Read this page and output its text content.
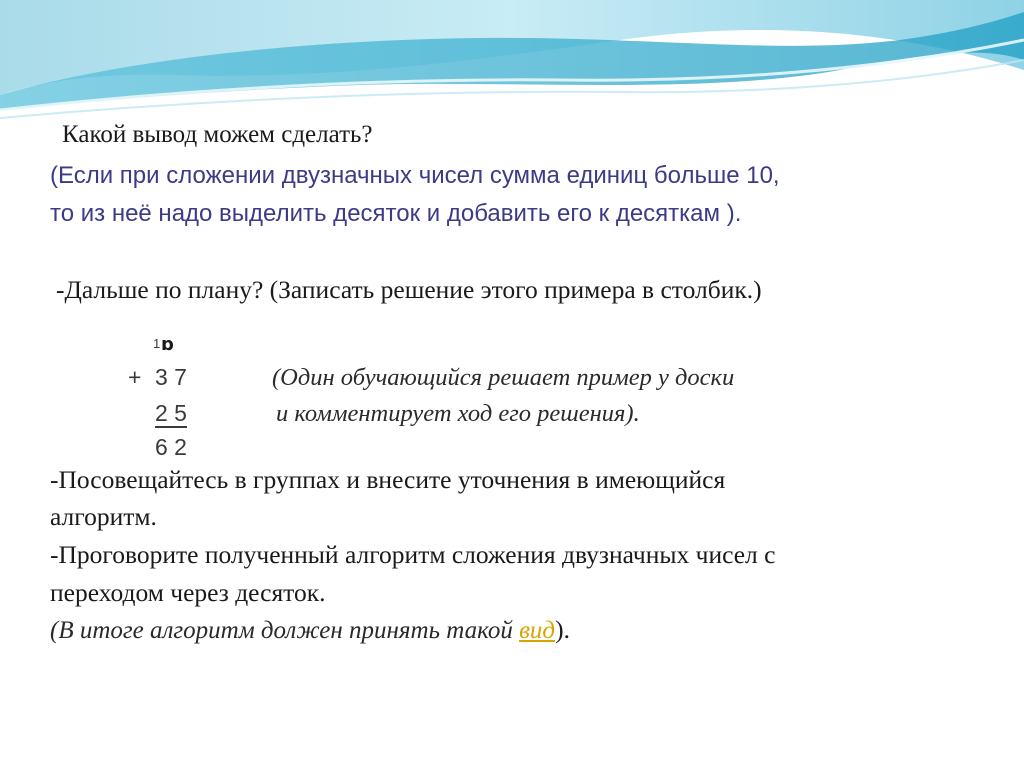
Какой вывод можем сделать?

(Если при сложении двузначных чисел сумма единиц больше 10,

то из неё надо выделить десяток и добавить его к десяткам ).

-Дальше по плану? (Записать решение этого примера в столбик.)

1 ɒ
+ 3 7
2 5
6 2

(Один обучающийся решает пример у доски

и комментирует ход его решения).

-Посовещайтесь в группах и внесите уточнения в имеющийся

алгоритм.

-Проговорите полученный алгоритм сложения двузначных чисел с

переходом через десяток.

(В итоге алгоритм должен принять такой вид).
